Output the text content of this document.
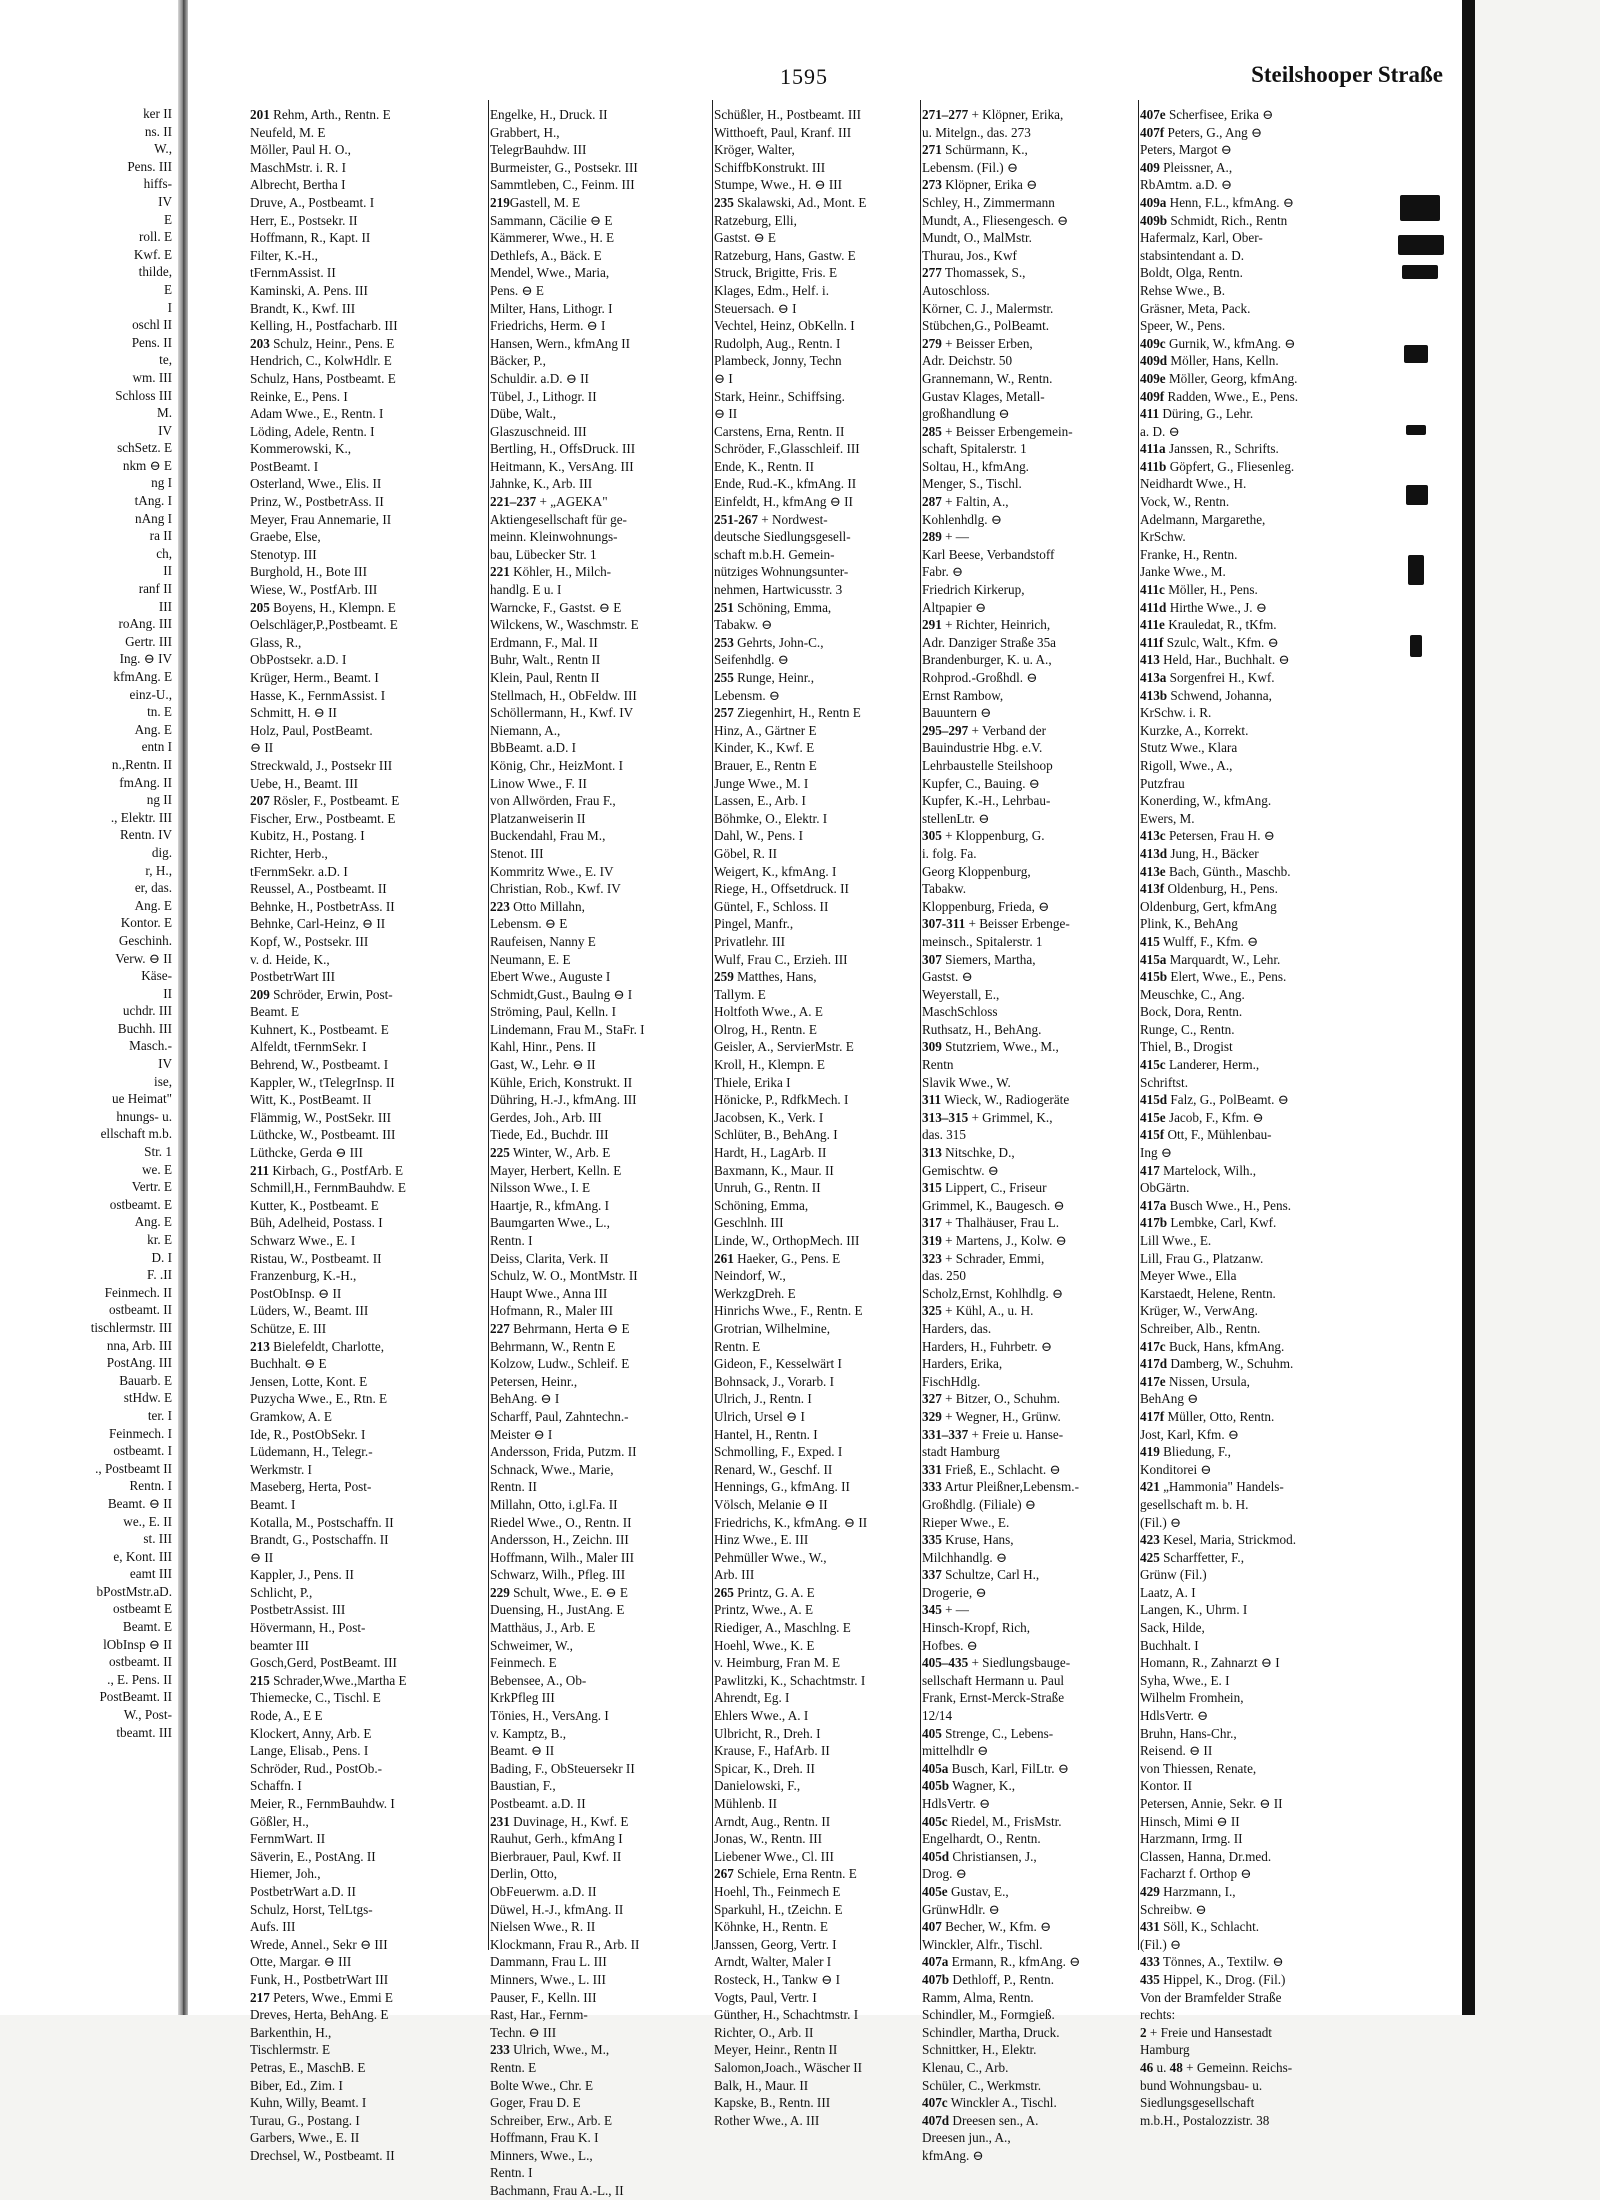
ker II
ns. II
W.,
Pens. III
hiffs-
IV
E
roll. E
Kwf. E
thilde,
E
I
oschl II
Pens. II
te,
wm. III
Schloss III
M.
IV
schSetz. E
nkm ⊖ E
ng I
tAng. I
nAng I
ra II
ch,
II
ranf II
III
roAng. III
Gertr. III
Ing. ⊖ IV
kfmAng. E
einz-U.,
tn. E
Ang. E
entn I
n.,Rentn. II
fmAng. II
ng II
., Elektr. III
Rentn. IV
dig.
r, H.,
er, das.
Ang. E
Kontor. E
Geschinh.
Verw. ⊖ II
Käse-
II
uchdr. III
Buchh. III
Masch.-
IV
ise,
ue Heimat"
hnungs- u.
ellschaft m.b.
Str. 1
we. E
Vertr. E
ostbeamt. E
Ang. E
kr. E
D. I
F. .II
Feinmech. II
ostbeamt. II
tischlermstr. III
nna, Arb. III
PostAng. III
Bauarb. E
stHdw. E
ter. I
Feinmech. I
ostbeamt. I
., Postbeamt II
Rentn. I
Beamt. ⊖ II
we., E. II
st. III
e, Kont. III
eamt III
bPostMstr.aD.
ostbeamt E
Beamt. E
lObInsp ⊖ II
ostbeamt. II
., E. Pens. II
PostBeamt. II
W., Post-
tbeamt. III
1595	Steilshooper Straße
201 Rehm, Arth., Rentn. E
Neufeld, M. E
Möller, Paul H. O.,
MaschMstr. i. R. I
Albrecht, Bertha I
Druve, A., Postbeamt. I
Herr, E., Postsekr. II
Hoffmann, R., Kapt. II
Filter, K.-H.,
tFernmAssist. II
Kaminski, A. Pens. III
Brandt, K., Kwf. III
Kelling, H., Postfacharb. III
203 Schulz, Heinr., Pens. E
Hendrich, C., KolwHdlr. E
Schulz, Hans, Postbeamt. E
Reinke, E., Pens. I
Adam Wwe., E., Rentn. I
Löding, Adele, Rentn. I
Kommerowski, K.,
PostBeamt. I
Osterland, Wwe., Elis. II
Prinz, W., PostbetrAss. II
Meyer, Frau Annemarie, II
Graebe, Else,
Stenotyp. III
Burghold, H., Bote III
Wiese, W., PostfArb. III
205 Boyens, H., Klempn. E
Oelschläger,P.,Postbeamt. E
Glass, R.,
ObPostsekr. a.D. I
Krüger, Herm., Beamt. I
Hasse, K., FernmAssist. I
Schmitt, H. ⊖ II
Holz, Paul, PostBeamt.
⊖ II
Streckwald, J., Postsekr III
Uebe, H., Beamt. III
207 Rösler, F., Postbeamt. E
Fischer, Erw., Postbeamt. E
Kubitz, H., Postang. I
Richter, Herb.,
tFernmSekr. a.D. I
Reussel, A., Postbeamt. II
Behnke, H., PostbetrAss. II
Behnke, Carl-Heinz, ⊖ II
Kopf, W., Postsekr. III
v. d. Heide, K.,
PostbetrWart III
209 Schröder, Erwin, Post-
Beamt. E
Kuhnert, K., Postbeamt. E
Alfeldt, tFernmSekr. I
Behrend, W., Postbeamt. I
Kappler, W., tTelegrInsp. II
Witt, K., PostBeamt. II
Flämmig, W., PostSekr. III
Lüthcke, W., Postbeamt. III
Lüthcke, Gerda ⊖ III
211 Kirbach, G., PostfArb. E
Schmill,H., FernmBauhdw. E
Kutter, K., Postbeamt. E
Büh, Adelheid, Postass. I
Schwarz Wwe., E. I
Ristau, W., Postbeamt. II
Franzenburg, K.-H.,
PostObInsp. ⊖ II
Lüders, W., Beamt. III
Schütze, E. III
213 Bielefeldt, Charlotte,
Buchhalt. ⊖ E
Jensen, Lotte, Kont. E
Puzycha Wwe., E., Rtn. E
Gramkow, A. E
Ide, R., PostObSekr. I
Lüdemann, H., Telegr.-
Werkmstr. I
Maseberg, Herta, Post-
Beamt. I
Kotalla, M., Postschaffn. II
Brandt, G., Postschaffn. II
⊖ II
Kappler, J., Pens. II
Schlicht, P.,
PostbetrAssist. III
Hövermann, H., Post-
beamter III
Gosch,Gerd, PostBeamt. III
215 Schrader,Wwe.,Martha E
Thiemecke, C., Tischl. E
Rode, A., E E
Klockert, Anny, Arb. E
Lange, Elisab., Pens. I
Schröder, Rud., PostOb.-
Schaffn. I
Meier, R., FernmBauhdw. I
Gößler, H.,
FernmWart. II
Säverin, E., PostAng. II
Hiemer, Joh.,
PostbetrWart a.D. II
Schulz, Horst, TelLtgs-
Aufs. III
Wrede, Annel., Sekr ⊖ III
Otte, Margar. ⊖ III
Funk, H., PostbetrWart III
217 Peters, Wwe., Emmi E
Dreves, Herta, BehAng. E
Barkenthin, H.,
Tischlermstr. E
Petras, E., MaschB. E
Biber, Ed., Zim. I
Kuhn, Willy, Beamt. I
Turau, G., Postang. I
Garbers, Wwe., E. II
Drechsel, W., Postbeamt. II
Engelke, H., Druck. II
Grabbert, H.,
TelegrBauhdw. III
Burmeister, G., Postsekr. III
Sammtleben, C., Feinm. III
219Gastell, M. E
Sammann, Cäcilie ⊖ E
Kämmerer, Wwe., H. E
Dethlefs, A., Bäck. E
Mendel, Wwe., Maria,
Pens. ⊖ E
Milter, Hans, Lithogr. I
Friedrichs, Herm. ⊖ I
Hansen, Wern., kfmAng II
Bäcker, P.,
Schuldir. a.D. ⊖ II
Tübel, J., Lithogr. II
Dübe, Walt.,
Glaszuschneid. III
Bertling, H., OffsDruck. III
Heitmann, K., VersAng. III
Jahnke, K., Arb. III
221–237 + „AGEKA"
Aktiengesellschaft für ge-
meinn. Kleinwohnungs-
bau, Lübecker Str. 1
221 Köhler, H., Milch-
handlg. E u. I
Warncke, F., Gastst. ⊖ E
Wilckens, W., Waschmstr. E
Erdmann, F., Mal. II
Buhr, Walt., Rentn II
Klein, Paul, Rentn II
Stellmach, H., ObFeldw. III
Schöllermann, H., Kwf. IV
Niemann, A.,
BbBeamt. a.D. I
König, Chr., HeizMont. I
Linow Wwe., F. II
von Allwörden, Frau F.,
Platzanweiserin II
Buckendahl, Frau M.,
Stenot. III
Kommritz Wwe., E. IV
Christian, Rob., Kwf. IV
223 Otto Millahn,
Lebensm. ⊖ E
Raufeisen, Nanny E
Neumann, E. E
Ebert Wwe., Auguste I
Schmidt,Gust., Baulng ⊖ I
Ströming, Paul, Kelln. I
Lindemann, Frau M., StaFr. I
Kahl, Hinr., Pens. II
Gast, W., Lehr. ⊖ II
Kühle, Erich, Konstrukt. II
Dühring, H.-J., kfmAng. III
Gerdes, Joh., Arb. III
Tiede, Ed., Buchdr. III
225 Winter, W., Arb. E
Mayer, Herbert, Kelln. E
Nilsson Wwe., I. E
Haartje, R., kfmAng. I
Baumgarten Wwe., L.,
Rentn. I
Deiss, Clarita, Verk. II
Schulz, W. O., MontMstr. II
Haupt Wwe., Anna III
Hofmann, R., Maler III
227 Behrmann, Herta ⊖ E
Behrmann, W., Rentn E
Kolzow, Ludw., Schleif. E
Petersen, Heinr.,
BehAng. ⊖ I
Scharff, Paul, Zahntechn.-
Meister ⊖ I
Andersson, Frida, Putzm. II
Schnack, Wwe., Marie,
Rentn. II
Millahn, Otto, i.gl.Fa. II
Riedel Wwe., O., Rentn. II
Andersson, H., Zeichn. III
Hoffmann, Wilh., Maler III
Schwarz, Wilh., Pfleg. III
229 Schult, Wwe., E. ⊖ E
Duensing, H., JustAng. E
Matthäus, J., Arb. E
Schweimer, W.,
Feinmech. E
Bebensee, A., Ob-
KrkPfleg III
Tönies, H., VersAng. I
v. Kamptz, B.,
Beamt. ⊖ II
Bading, F., ObSteuersekr II
Baustian, F.,
Postbeamt. a.D. II
231 Duvinage, H., Kwf. E
Rauhut, Gerh., kfmAng I
Bierbrauer, Paul, Kwf. II
Derlin, Otto,
ObFeuerwm. a.D. II
Düwel, H.-J., kfmAng. II
Nielsen Wwe., R. II
Klockmann, Frau R., Arb. II
Dammann, Frau L. III
Minners, Wwe., L. III
Pauser, F., Kelln. III
Rast, Har., Fernm-
Techn. ⊖ III
233 Ulrich, Wwe., M.,
Rentn. E
Bolte Wwe., Chr. E
Goger, Frau D. E
Schreiber, Erw., Arb. E
Hoffmann, Frau K. I
Minners, Wwe., L.,
Rentn. I
Bachmann, Frau A.-L., II
Schüßler, H., Postbeamt. III
Witthoeft, Paul, Kranf. III
Kröger, Walter,
SchiffbKonstrukt. III
Stumpe, Wwe., H. ⊖ III
235 Skalawski, Ad., Mont. E
Ratzeburg, Elli,
Gastst. ⊖ E
Ratzeburg, Hans, Gastw. E
Struck, Brigitte, Fris. E
Klages, Edm., Helf. i.
Steuersach. ⊖ I
Vechtel, Heinz, ObKelln. I
Rudolph, Aug., Rentn. I
Plambeck, Jonny, Techn
⊖ I
Stark, Heinr., Schiffsing.
⊖ II
Carstens, Erna, Rentn. II
Schröder, F.,Glasschleif. III
Ende, K., Rentn. II
Ende, Rud.-K., kfmAng. II
Einfeldt, H., kfmAng ⊖ II
251-267 + Nordwest-
deutsche Siedlungsgesell-
schaft m.b.H. Gemein-
nütziges Wohnungsunter-
nehmen, Hartwicusstr. 3
251 Schöning, Emma,
Tabakw. ⊖
253 Gehrts, John-C.,
Seifenhdlg. ⊖
255 Runge, Heinr.,
Lebensm. ⊖
257 Ziegenhirt, H., Rentn E
Hinz, A., Gärtner E
Kinder, K., Kwf. E
Brauer, E., Rentn E
Junge Wwe., M. I
Lassen, E., Arb. I
Böhmke, O., Elektr. I
Dahl, W., Pens. I
Göbel, R. II
Weigert, K., kfmAng. I
Riege, H., Offsetdruck. II
Güntel, F., Schloss. II
Pingel, Manfr.,
Privatlehr. III
Wulf, Frau C., Erzieh. III
259 Matthes, Hans,
Tallym. E
Holtfoth Wwe., A. E
Olrog, H., Rentn. E
Geisler, A., ServierMstr. E
Kroll, H., Klempn. E
Thiele, Erika I
Hönicke, P., RdfkMech. I
Jacobsen, K., Verk. I
Schlüter, B., BehAng. I
Hardt, H., LagArb. II
Baxmann, K., Maur. II
Unruh, G., Rentn. II
Schöning, Emma,
Geschlnh. III
Linde, W., OrthopMech. III
261 Haeker, G., Pens. E
Neindorf, W.,
WerkzgDreh. E
Hinrichs Wwe., F., Rentn. E
Grotrian, Wilhelmine,
Rentn. E
Gideon, F., Kesselwärt I
Bohnsack, J., Vorarb. I
Ulrich, J., Rentn. I
Ulrich, Ursel ⊖ I
Hantel, H., Rentn. I
Schmolling, F., Exped. I
Renard, W., Geschf. II
Hennings, G., kfmAng. II
Völsch, Melanie ⊖ II
Friedrichs, K., kfmAng. ⊖ II
Hinz Wwe., E. III
Pehmüller Wwe., W.,
Arb. III
265 Printz, G. A. E
Printz, Wwe., A. E
Riediger, A., Maschlng. E
Hoehl, Wwe., K. E
v. Heimburg, Fran M. E
Pawlitzki, K., Schachtmstr. I
Ahrendt, Eg. I
Ehlers Wwe., A. I
Ulbricht, R., Dreh. I
Krause, F., HafArb. II
Spicar, K., Dreh. II
Danielowski, F.,
Mühlenb. II
Arndt, Aug., Rentn. II
Jonas, W., Rentn. III
Liebener Wwe., Cl. III
267 Schiele, Erna Rentn. E
Hoehl, Th., Feinmech E
Sparkuhl, H., tZeichn. E
Köhnke, H., Rentn. E
Janssen, Georg, Vertr. I
Arndt, Walter, Maler I
Rosteck, H., Tankw ⊖ I
Vogts, Paul, Vertr. I
Günther, H., Schachtmstr. I
Richter, O., Arb. II
Meyer, Heinr., Rentn II
Salomon,Joach., Wäscher II
Balk, H., Maur. II
Kapske, B., Rentn. III
Rother Wwe., A. III
271–277 + Klöpner, Erika,
u. Mitelgn., das. 273
271 Schürmann, K.,
Lebensm. (Fil.) ⊖
273 Klöpner, Erika ⊖
Schley, H., Zimmermann
Mundt, A., Fliesengesch. ⊖
Mundt, O., MalMstr.
Thurau, Jos., Kwf
277 Thomassek, S.,
Autoschloss.
Körner, C. J., Malermstr.
Stübchen,G., PolBeamt.
279 + Beisser Erben,
Adr. Deichstr. 50
Grannemann, W., Rentn.
Gustav Klages, Metall-
großhandlung ⊖
285 + Beisser Erbengemein-
schaft, Spitalerstr. 1
Soltau, H., kfmAng.
Menger, S., Tischl.
287 + Faltin, A.,
Kohlenhdlg. ⊖
289 + —
Karl Beese, Verbandstoff
Fabr. ⊖
Friedrich Kirkerup,
Altpapier ⊖
291 + Richter, Heinrich,
Adr. Danziger Straße 35a
Brandenburger, K. u. A.,
Rohprod.-Großhdl. ⊖
Ernst Rambow,
Bauuntern ⊖
295–297 + Verband der
Bauindustrie Hbg. e.V.
Lehrbaustelle Steilshoop
Kupfer, C., Bauing. ⊖
Kupfer, K.-H., Lehrbau-
stellenLtr. ⊖
305 + Kloppenburg, G.
i. folg. Fa.
Georg Kloppenburg,
Tabakw.
Kloppenburg, Frieda, ⊖
307-311 + Beisser Erbenge-
meinsch., Spitalerstr. 1
307 Siemers, Martha,
Gastst. ⊖
Weyerstall, E.,
MaschSchloss
Ruthsatz, H., BehAng.
309 Stutzriem, Wwe., M.,
Rentn
Slavik Wwe., W.
311 Wieck, W., Radiogeräte
313–315 + Grimmel, K.,
das. 315
313 Nitschke, D.,
Gemischtw. ⊖
315 Lippert, C., Friseur
Grimmel, K., Baugesch. ⊖
317 + Thalhäuser, Frau L.
319 + Martens, J., Kolw. ⊖
323 + Schrader, Emmi,
das. 250
Scholz,Ernst, Kohlhdlg. ⊖
325 + Kühl, A., u. H.
Harders, das.
Harders, H., Fuhrbetr. ⊖
Harders, Erika,
FischHdlg.
327 + Bitzer, O., Schuhm.
329 + Wegner, H., Grünw.
331–337 + Freie u. Hanse-
stadt Hamburg
331 Frieß, E., Schlacht. ⊖
333 Artur Pleißner,Lebensm.-
Großhdlg. (Filiale) ⊖
Rieper Wwe., E.
335 Kruse, Hans,
Milchhandlg. ⊖
337 Schultze, Carl H.,
Drogerie, ⊖
345 + —
Hinsch-Kropf, Rich,
Hofbes. ⊖
405–435 + Siedlungsbauge-
sellschaft Hermann u. Paul
Frank, Ernst-Merck-Straße
12/14
405 Strenge, C., Lebens-
mittelhdlr ⊖
405a Busch, Karl, FilLtr. ⊖
405b Wagner, K.,
HdlsVertr. ⊖
405c Riedel, M., FrisMstr.
Engelhardt, O., Rentn.
405d Christiansen, J.,
Drog. ⊖
405e Gustav, E.,
GrünwHdlr. ⊖
407 Becher, W., Kfm. ⊖
Winckler, Alfr., Tischl.
407a Ermann, R., kfmAng. ⊖
407b Dethloff, P., Rentn.
Ramm, Alma, Rentn.
Schindler, M., Formgieß.
Schindler, Martha, Druck.
Schnittker, H., Elektr.
Klenau, C., Arb.
Schüler, C., Werkmstr.
407c Winckler A., Tischl.
407d Dreesen sen., A.
Dreesen jun., A.,
kfmAng. ⊖
407e Scherfisee, Erika ⊖
407f Peters, G., Ang ⊖
Peters, Margot ⊖
409 Pleissner, A.,
RbAmtm. a.D. ⊖
409a Henn, F.L., kfmAng. ⊖
409b Schmidt, Rich., Rentn
Hafermalz, Karl, Ober-
stabsintendant a. D.
Boldt, Olga, Rentn.
Rehse Wwe., B.
Gräsner, Meta, Pack.
Speer, W., Pens.
409c Gurnik, W., kfmAng. ⊖
409d Möller, Hans, Kelln.
409e Möller, Georg, kfmAng.
409f Radden, Wwe., E., Pens.
411 Düring, G., Lehr.
a. D. ⊖
411a Janssen, R., Schrifts.
411b Göpfert, G., Fliesenleg.
Neidhardt Wwe., H.
Vock, W., Rentn.
Adelmann, Margarethe,
KrSchw.
Franke, H., Rentn.
Janke Wwe., M.
411c Möller, H., Pens.
411d Hirthe Wwe., J. ⊖
411e Krauledat, R., tKfm.
411f Szulc, Walt., Kfm. ⊖
413 Held, Har., Buchhalt. ⊖
413a Sorgenfrei H., Kwf.
413b Schwend, Johanna,
KrSchw. i. R.
Kurzke, A., Korrekt.
Stutz Wwe., Klara
Rigoll, Wwe., A.,
Putzfrau
Konerding, W., kfmAng.
Ewers, M.
413c Petersen, Frau H. ⊖
413d Jung, H., Bäcker
413e Bach, Günth., Maschb.
413f Oldenburg, H., Pens.
Oldenburg, Gert, kfmAng
Plink, K., BehAng
415 Wulff, F., Kfm. ⊖
415a Marquardt, W., Lehr.
415b Elert, Wwe., E., Pens.
Meuschke, C., Ang.
Bock, Dora, Rentn.
Runge, C., Rentn.
Thiel, B., Drogist
415c Landerer, Herm.,
Schriftst.
415d Falz, G., PolBeamt. ⊖
415e Jacob, F., Kfm. ⊖
415f Ott, F., Mühlenbau-
Ing ⊖
417 Martelock, Wilh.,
ObGärtn.
417a Busch Wwe., H., Pens.
417b Lembke, Carl, Kwf.
Lill Wwe., E.
Lill, Frau G., Platzanw.
Meyer Wwe., Ella
Karstaedt, Helene, Rentn.
Krüger, W., VerwAng.
Schreiber, Alb., Rentn.
417c Buck, Hans, kfmAng.
417d Damberg, W., Schuhm.
417e Nissen, Ursula,
BehAng ⊖
417f Müller, Otto, Rentn.
Jost, Karl, Kfm. ⊖
419 Bliedung, F.,
Konditorei ⊖
421 „Hammonia" Handels-
gesellschaft m. b. H.
(Fil.) ⊖
423 Kesel, Maria, Strickmod.
425 Scharffetter, F.,
Grünw (Fil.)
Laatz, A. I
Langen, K., Uhrm. I
Sack, Hilde,
Buchhalt. I
Homann, R., Zahnarzt ⊖ I
Syha, Wwe., E. I
Wilhelm Fromhein,
HdlsVertr. ⊖
Bruhn, Hans-Chr.,
Reisend. ⊖ II
von Thiessen, Renate,
Kontor. II
Petersen, Annie, Sekr. ⊖ II
Hinsch, Mimi ⊖ II
Harzmann, Irmg. II
Classen, Hanna, Dr.med.
Facharzt f. Orthop ⊖
429 Harzmann, I.,
Schreibw. ⊖
431 Söll, K., Schlacht.
(Fil.) ⊖
433 Tönnes, A., Textilw. ⊖
435 Hippel, K., Drog. (Fil.)
Von der Bramfelder Straße
rechts:
2 + Freie und Hansestadt
Hamburg
46 u. 48 + Gemeinn. Reichs-
bund Wohnungsbau- u.
Siedlungsgesellschaft
m.b.H., Postalozzistr. 38
